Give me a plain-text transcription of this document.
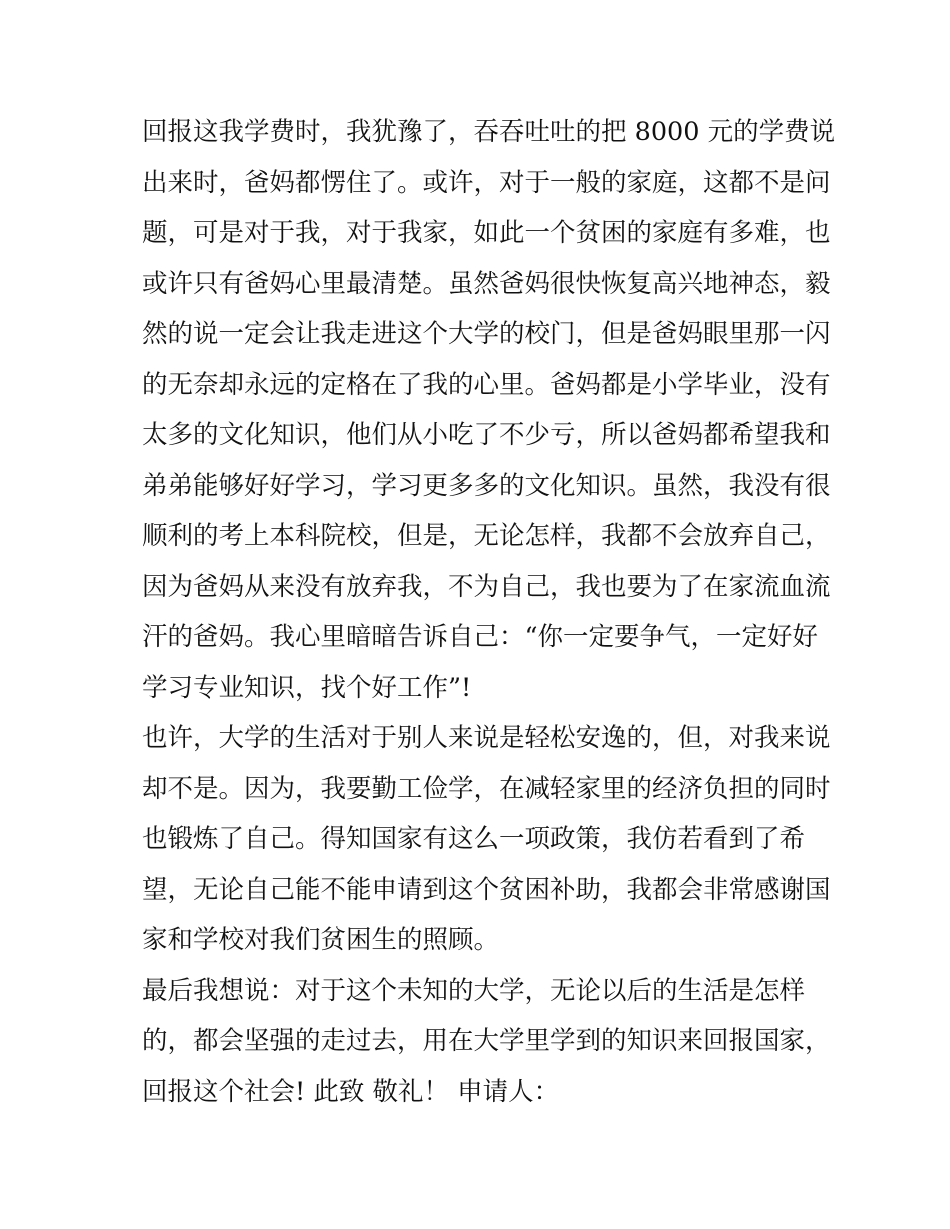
回报这我学费时，我犹豫了，吞吞吐吐的把 8000 元的学费说
出来时，爸妈都愣住了。或许，对于一般的家庭，这都不是问
题，可是对于我，对于我家，如此一个贫困的家庭有多难，也
或许只有爸妈心里最清楚。虽然爸妈很快恢复高兴地神态，毅
然的说一定会让我走进这个大学的校门，但是爸妈眼里那一闪
的无奈却永远的定格在了我的心里。爸妈都是小学毕业，没有
太多的文化知识，他们从小吃了不少亏，所以爸妈都希望我和
弟弟能够好好学习，学习更多多的文化知识。虽然，我没有很
顺利的考上本科院校，但是，无论怎样，我都不会放弃自己，
因为爸妈从来没有放弃我，不为自己，我也要为了在家流血流
汗的爸妈。我心里暗暗告诉自己：“你一定要争气，一定好好
学习专业知识，找个好工作”!
也许，大学的生活对于别人来说是轻松安逸的，但，对我来说
却不是。因为，我要勤工俭学，在减轻家里的经济负担的同时
也锻炼了自己。得知国家有这么一项政策，我仿若看到了希
望，无论自己能不能申请到这个贫困补助，我都会非常感谢国
家和学校对我们贫困生的照顾。
最后我想说：对于这个未知的大学，无论以后的生活是怎样
的，都会坚强的走过去，用在大学里学到的知识来回报国家，
回报这个社会! 此致 敬礼！ 申请人：
